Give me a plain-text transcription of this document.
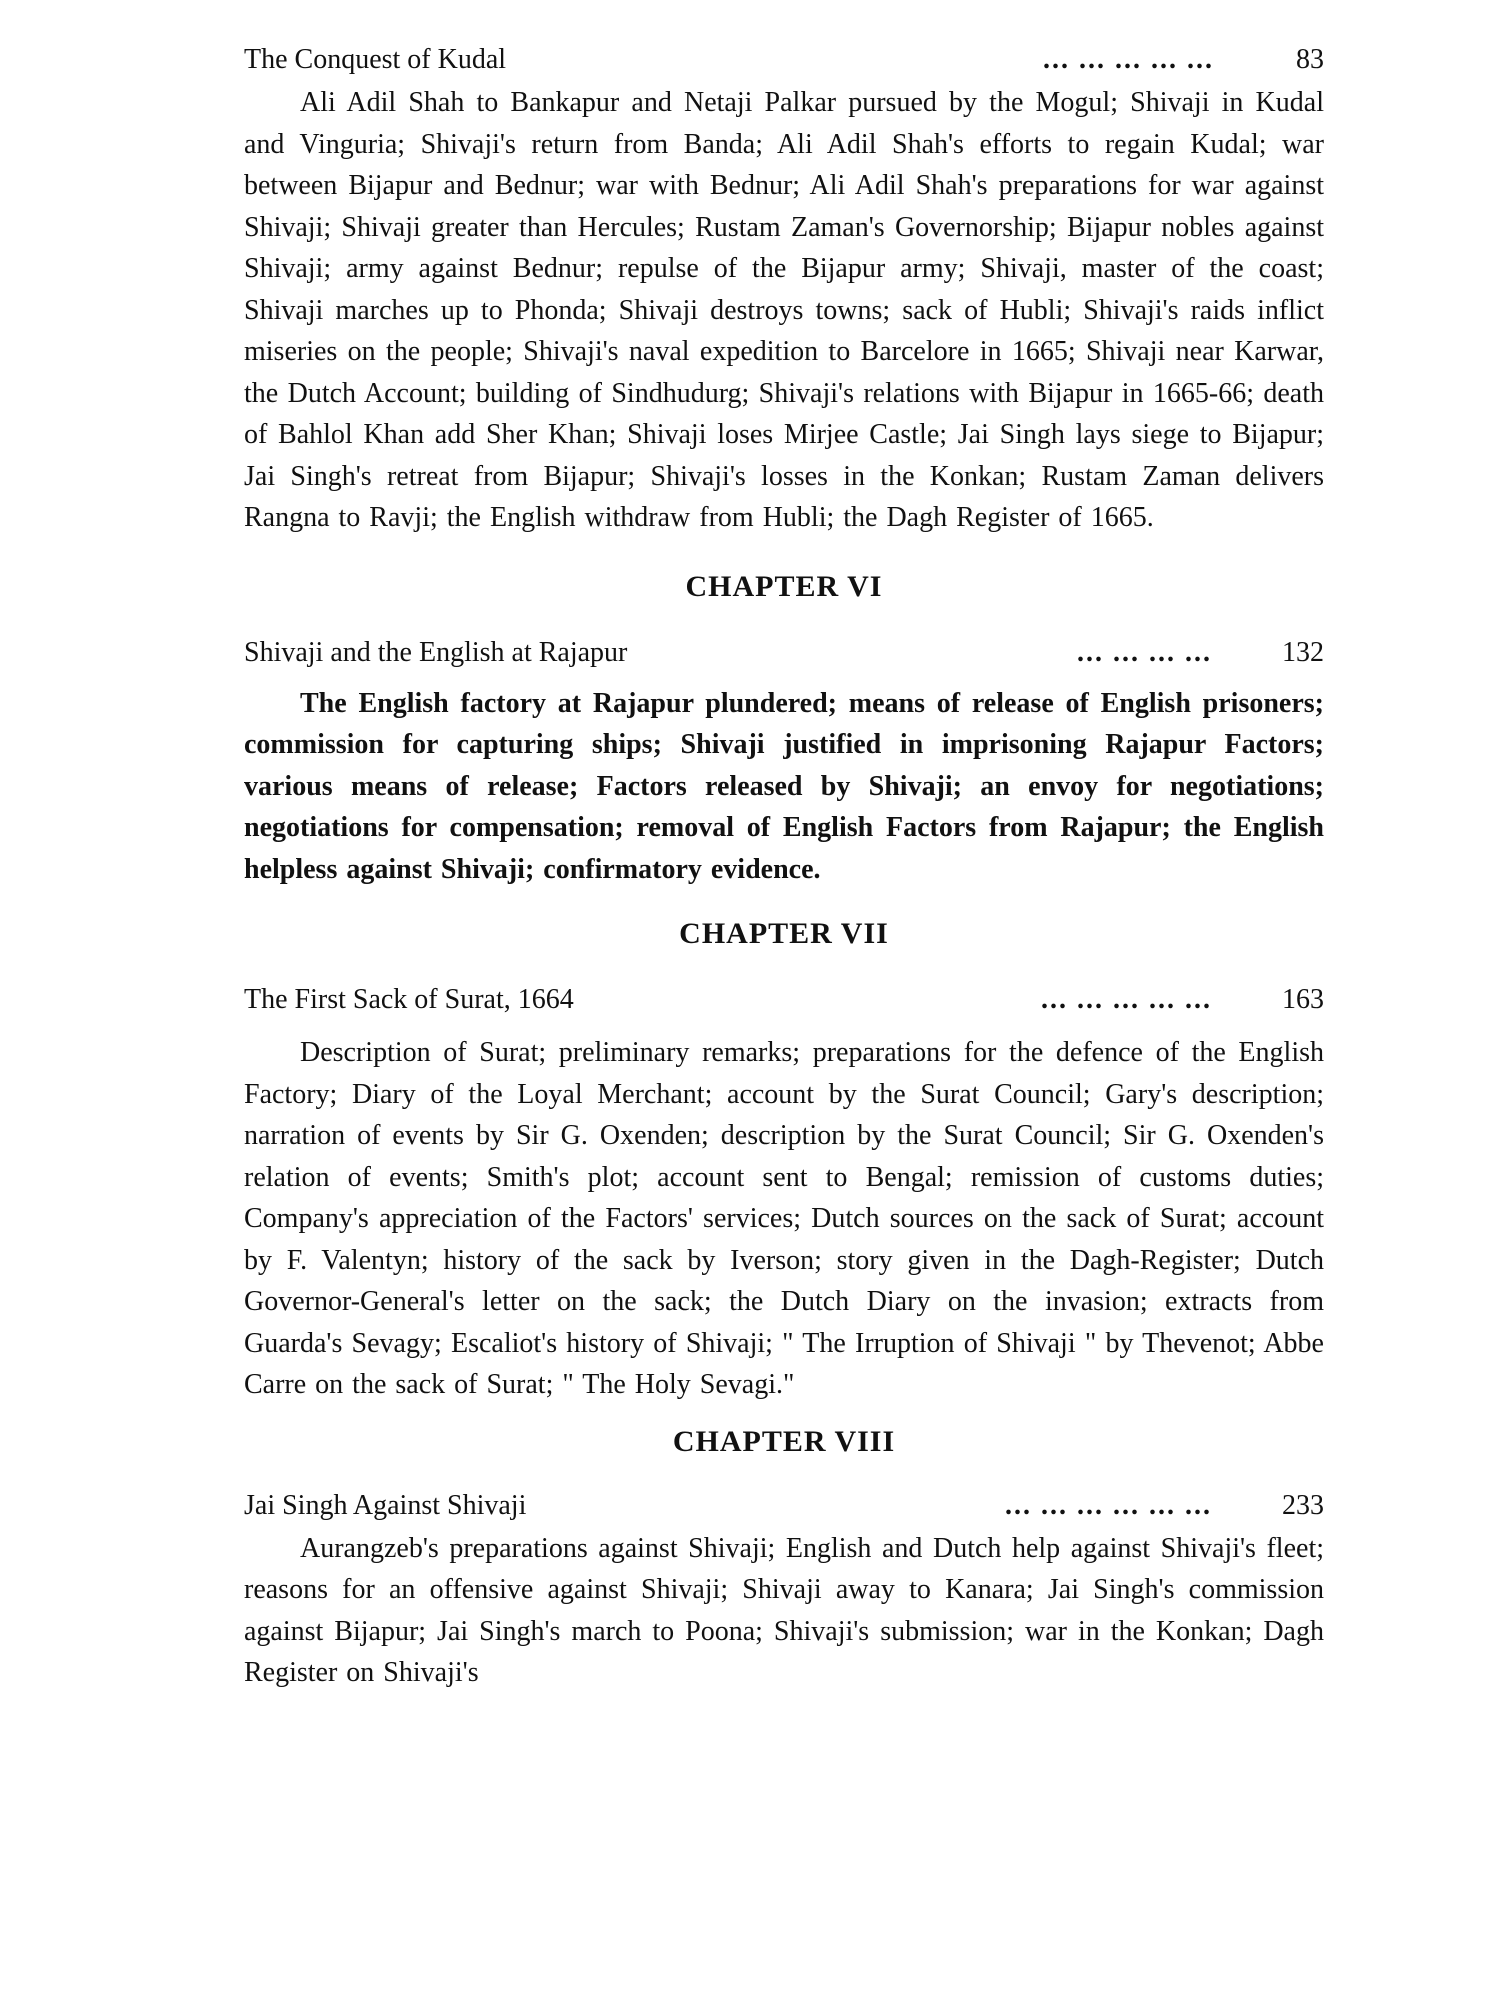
The Conquest of Kudal	... ... ... ... ...	83

Ali Adil Shah to Bankapur and Netaji Palkar pursued by the Mogul; Shivaji in Kudal and Vinguria; Shivaji's return from Banda; Ali Adil Shah's efforts to regain Kudal; war between Bijapur and Bednur; war with Bednur; Ali Adil Shah's preparations for war against Shivaji; Shivaji greater than Hercules; Rustam Zaman's Governorship; Bijapur nobles against Shivaji; army against Bednur; repulse of the Bijapur army; Shivaji, master of the coast; Shivaji marches up to Phonda; Shivaji destroys towns; sack of Hubli; Shivaji's raids inflict miseries on the people; Shivaji's naval expedition to Barcelore in 1665; Shivaji near Karwar, the Dutch Account; building of Sindhudurg; Shivaji's relations with Bijapur in 1665-66; death of Bahlol Khan add Sher Khan; Shivaji loses Mirjee Castle; Jai Singh lays siege to Bijapur; Jai Singh's retreat from Bijapur; Shivaji's losses in the Konkan; Rustam Zaman delivers Rangna to Ravji; the English withdraw from Hubli; the Dagh Register of 1665.

CHAPTER VI
Shivaji and the English at Rajapur	... ... ... ...	132

The English factory at Rajapur plundered; means of release of English prisoners; commission for capturing ships; Shivaji justified in imprisoning Rajapur Factors; various means of release; Factors released by Shivaji; an envoy for negotiations; negotiations for compensation; removal of English Factors from Rajapur; the English helpless against Shivaji; confirmatory evidence.

CHAPTER VII
The First Sack of Surat, 1664	... ... ... ... ...	163

Description of Surat; preliminary remarks; preparations for the defence of the English Factory; Diary of the Loyal Merchant; account by the Surat Council; Gary's description; narration of events by Sir G. Oxenden; description by the Surat Council; Sir G. Oxenden's relation of events; Smith's plot; account sent to Bengal; remission of customs duties; Company's appreciation of the Factors' services; Dutch sources on the sack of Surat; account by F. Valentyn; history of the sack by Iverson; story given in the Dagh-Register; Dutch Governor-General's letter on the sack; the Dutch Diary on the invasion; extracts from Guarda's Sevagy; Escaliot's history of Shivaji; " The Irruption of Shivaji " by Thevenot; Abbe Carre on the sack of Surat; " The Holy Sevagi."

CHAPTER VIII
Jai Singh Against Shivaji	... ... ... ... ... ...	233

Aurangzeb's preparations against Shivaji; English and Dutch help against Shivaji's fleet; reasons for an offensive against Shivaji; Shivaji away to Kanara; Jai Singh's commission against Bijapur; Jai Singh's march to Poona; Shivaji's submission; war in the Konkan; Dagh Register on Shivaji's
